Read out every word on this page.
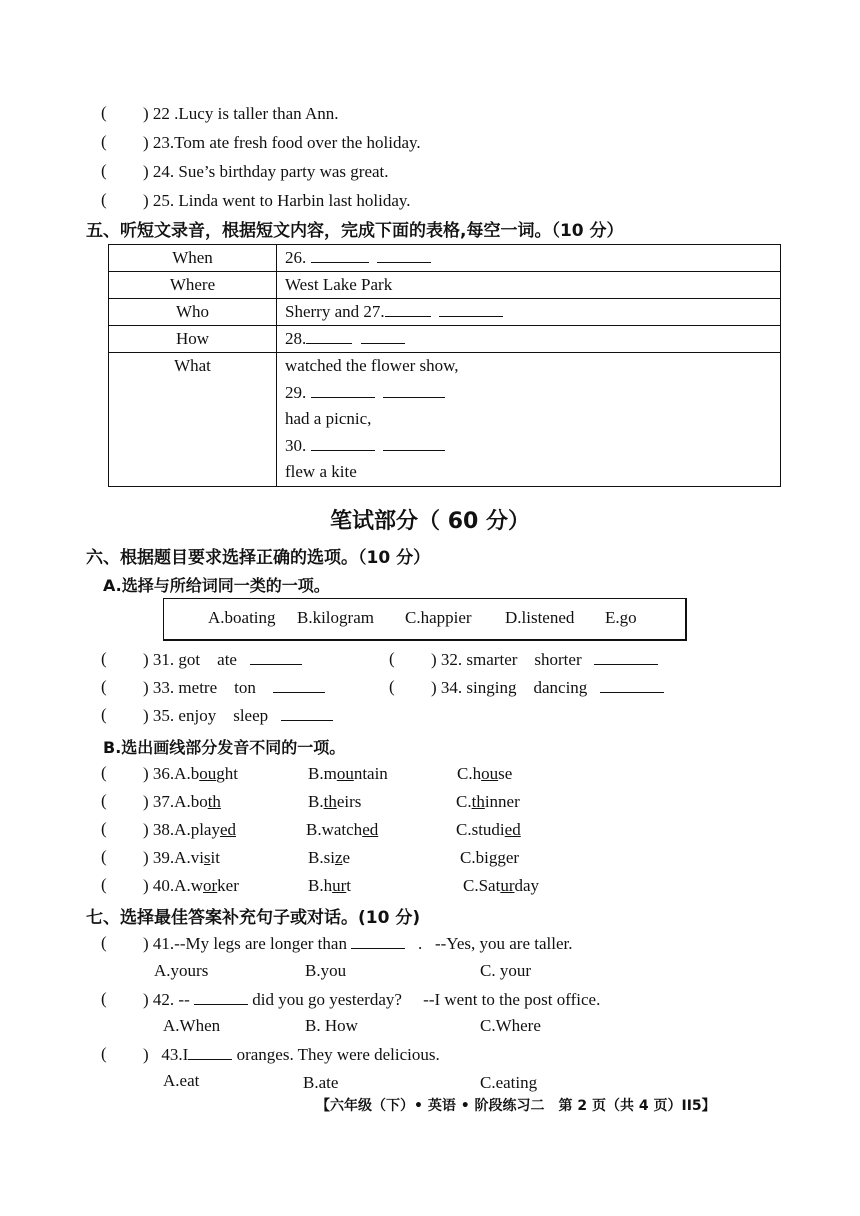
( ) 22 .Lucy is taller than Ann.
( ) 23.Tom ate fresh food over the holiday.
( ) 24. Sue’s birthday party was great.
( ) 25. Linda went to Harbin last holiday.
五、听短文录音，根据短文内容，完成下面的表格,每空一词。（10 分）
When	26.
Where	West Lake Park
Who	Sherry and 27.
How	28.
What	watched the flower show,
29.
had a picnic,
30.
flew a kite
笔试部分（ 60 分）
六、根据题目要求选择正确的选项。（10 分）
A.选择与所给词同一类的一项。
A.boating B.kilogram C.happier D.listened E.go
( ) 31. got ate	( ) 32. smarter shorter
( ) 33. metre ton	( ) 34. singing dancing
( ) 35. enjoy sleep
B.选出画线部分发音不同的一项。
( ) 36.A.bought	B.mountain	C.house
( ) 37.A.both	B.theirs	C.thinner
( ) 38.A.played	B.watched	C.studied
( ) 39.A.visit	B.size	C.bigger
( ) 40.A.worker	B.hurt	C.Saturday
七、选择最佳答案补充句子或对话。(10 分)
( ) 41.--My legs are longer than	. --Yes, you are taller.
A.yours	B.you	C. your
( ) 42. --	did you go yesterday? --I went to the post office.
A.When	B. How	C.Where
( )   43.I	oranges. They were delicious.
A.eat	B.ate	C.eating
【六年级（下）• 英语 • 阶段练习二　第 2 页（共 4 页）II5】
